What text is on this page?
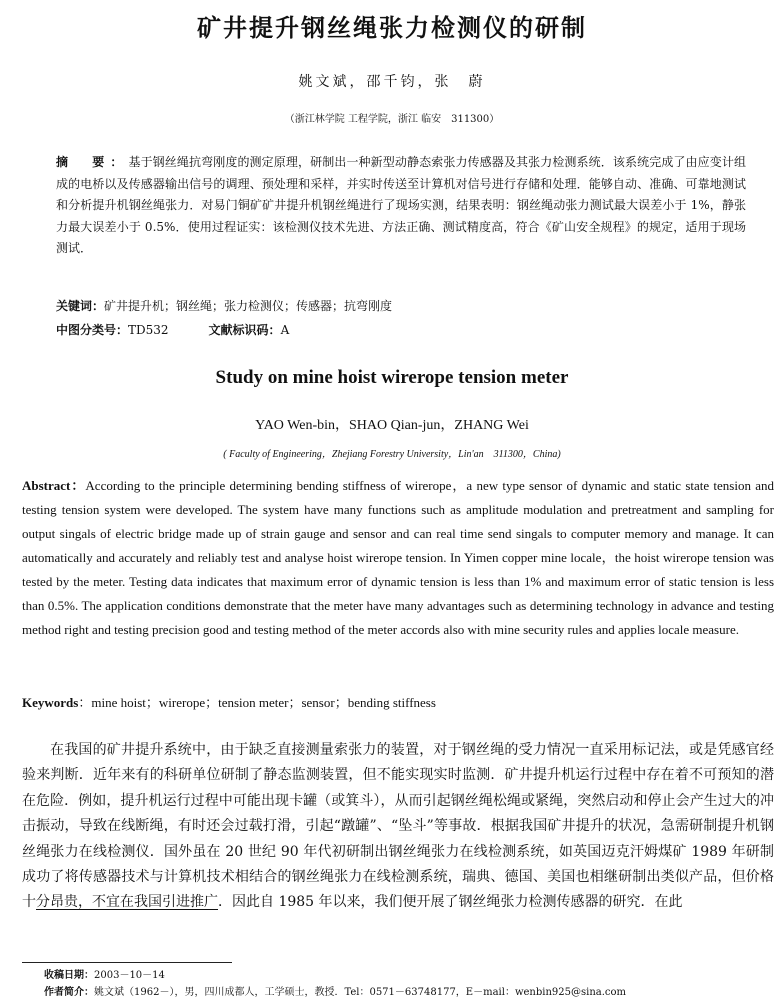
矿井提升钢丝绳张力检测仪的研制
姚文斌，邵千钧，张　蔚
（浙江林学院 工程学院，浙江 临安　311300）
摘　要：基于钢丝绳抗弯刚度的测定原理，研制出一种新型动静态索张力传感器及其张力检测系统．该系统完成了由应变计组成的电桥以及传感器输出信号的调理、预处理和采样，并实时传送至计算机对信号进行存储和处理．能够自动、准确、可靠地测试和分析提升机钢丝绳张力．对易门铜矿矿井提升机钢丝绳进行了现场实测，结果表明：钢丝绳动张力测试最大误差小于 1%，静张力最大误差小于 0.5%．使用过程证实：该检测仪技术先进、方法正确、测试精度高，符合《矿山安全规程》的规定，适用于现场测试．
关键词：矿井提升机；钢丝绳；张力检测仪；传感器；抗弯刚度
中图分类号：TD532	文献标识码：A
Study on mine hoist wirerope tension meter
YAO Wen-bin，SHAO Qian-jun，ZHANG Wei
( Faculty of Engineering，Zhejiang Forestry University，Lin'an　311300，China)
Abstract：According to the principle determining bending stiffness of wirerope，a new type sensor of dynamic and static state tension and testing tension system were developed. The system have many functions such as amplitude modulation and pretreatment and sampling for output singals of electric bridge made up of strain gauge and sensor and can real time send singals to computer memory and manage. It can automatically and accurately and reliably test and analyse hoist wirerope tension. In Yimen copper mine locale，the hoist wirerope tension was tested by the meter. Testing data indicates that maximum error of dynamic tension is less than 1% and maximum error of static tension is less than 0.5%. The application conditions demonstrate that the meter have many advantages such as determining technology in advance and testing method right and testing precision good and testing method of the meter accords also with mine security rules and applies locale measure.
Keywords：mine hoist；wirerope；tension meter；sensor；bending stiffness
在我国的矿井提升系统中，由于缺乏直接测量索张力的装置，对于钢丝绳的受力情况一直采用标记法，或是凭感官经验来判断．近年来有的科研单位研制了静态监测装置，但不能实现实时监测．矿井提升机运行过程中存在着不可预知的潜在危险．例如，提升机运行过程中可能出现卡罐（或箕斗），从而引起钢丝绳松绳或紧绳，突然启动和停止会产生过大的冲击振动，导致在线断绳，有时还会过载打滑，引起“蹾罐”、“坠斗”等事故．根据我国矿井提升的状况，急需研制提升机钢丝绳张力在线检测仪．国外虽在 20 世纪 90 年代初研制出钢丝绳张力在线检测系统，如英国迈克汗姆煤矿 1989 年研制成功了将传感器技术与计算机技术相结合的钢丝绳张力在线检测系统，瑞典、德国、美国也相继研制出类似产品，但价格十分昂贵，不宜在我国引进推广．因此自 1985 年以来，我们便开展了钢丝绳张力检测传感器的研究．在此
收稿日期：2003－10－14
作者简介：姚文斌（1962－），男，四川成都人，工学硕士，教授．Tel：0571－63748177，E－mail：wenbin925@sina.com
